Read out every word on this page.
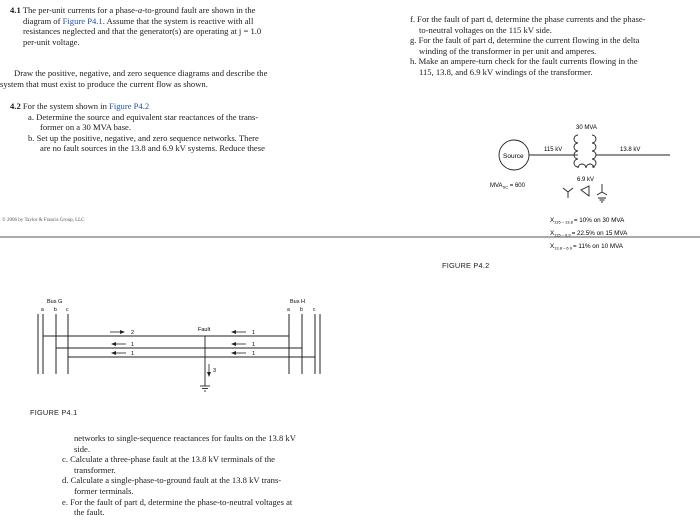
4.1 The per-unit currents for a phase-a-to-ground fault are shown in the

diagram of Figure P4.1. Assume that the system is reactive with all

resistances neglected and that the generator(s) are operating at j = 1.0

per-unit voltage.

Draw the positive, negative, and zero sequence diagrams and describe the

system that must exist to produce the current flow as shown.

4.2 For the system shown in Figure P4.2

a. Determine the source and equivalent star reactances of the trans-

former on a 30 MVA base.

b. Set up the positive, negative, and zero sequence networks. There

are no fault sources in the 13.8 and 6.9 kV systems. Reduce these

© 2006 by Taylor & Francis Group, LLC

f. For the fault of part d, determine the phase currents and the phase-

to-neutral voltages on the 115 kV side.

g. For the fault of part d, determine the current flowing in the delta

winding of the transformer in per unit and amperes.

h. Make an ampere-turn check for the fault currents flowing in the

115, 13.8, and 6.9 kV windings of the transformer.

30 MVA
Source
115 kV	13.8 kV
6.9 kV
$MVA_{SC} = 600$
$X_{115 - 13.8}= 10\%$ on 30 MVA
$X_{115 - 6.9}= 22.5\%$ on 15 MVA
$X_{13.8 - 6.9}= 11\%$ on 10 MVA
FIGURE P4.2
Bus G	Bus H
a b c	a b c
2
1
1
1
1
1
Fault
3
FIGURE P4.1

networks to single-sequence reactances for faults on the 13.8 kV

side.

c. Calculate a three-phase fault at the 13.8 kV terminals of the

transformer.

d. Calculate a single-phase-to-ground fault at the 13.8 kV trans-

former terminals.

e. For the fault of part d, determine the phase-to-neutral voltages at

the fault.
